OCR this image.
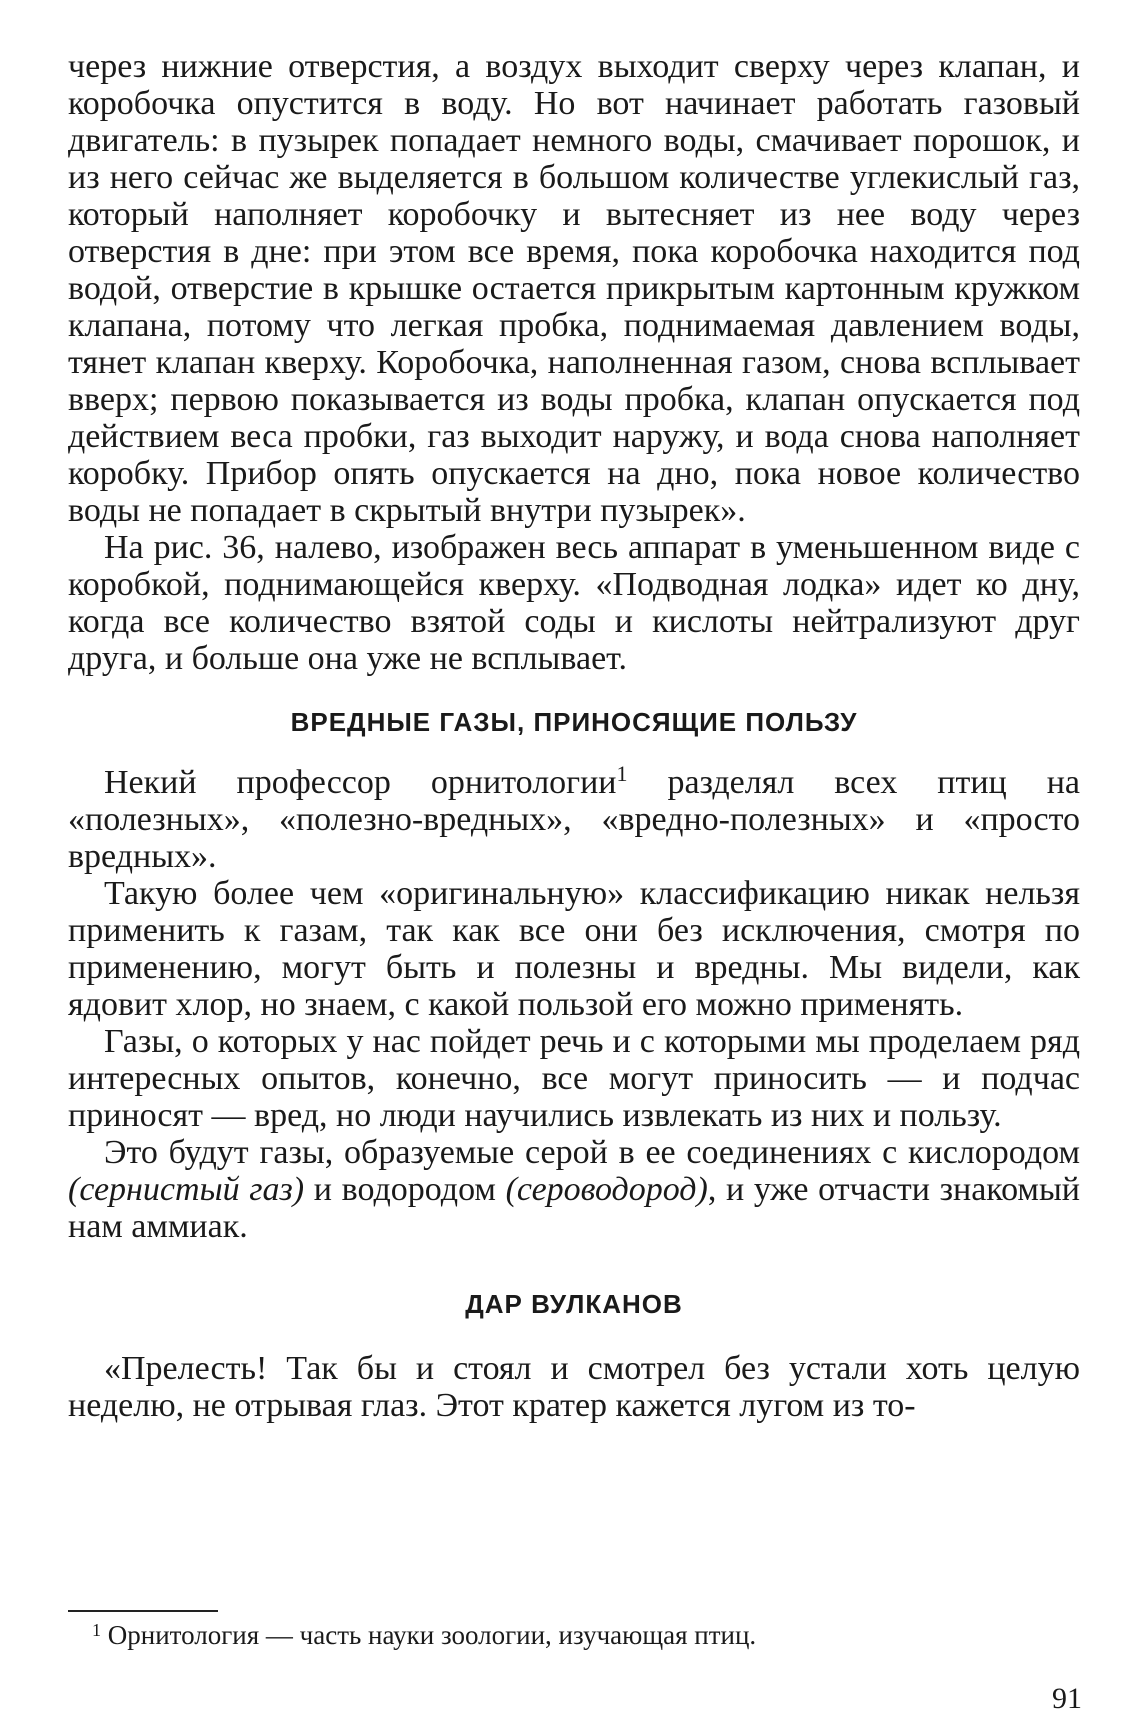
через нижние отверстия, а воздух выходит сверху через клапан, и коробочка опустится в воду. Но вот начинает работать газовый двигатель: в пузырек попадает немного воды, смачивает порошок, и из него сейчас же выделяется в большом количестве углекислый газ, который наполняет коробочку и вытесняет из нее воду через отверстия в дне: при этом все время, пока коробочка находится под водой, отверстие в крышке остается прикрытым картонным кружком клапана, потому что легкая пробка, поднимаемая давлением воды, тянет клапан кверху. Коробочка, наполненная газом, снова всплывает вверх; первою показывается из воды пробка, клапан опускается под действием веса пробки, газ выходит наружу, и вода снова наполняет коробку. Прибор опять опускается на дно, пока новое количество воды не попадает в скрытый внутри пузырек».

На рис. 36, налево, изображен весь аппарат в уменьшенном виде с коробкой, поднимающейся кверху. «Подводная лодка» идет ко дну, когда все количество взятой соды и кислоты нейтрализуют друг друга, и больше она уже не всплывает.

ВРЕДНЫЕ ГАЗЫ, ПРИНОСЯЩИЕ ПОЛЬЗУ

Некий профессор орнитологии$^1$ разделял всех птиц на «полезных», «полезно-вредных», «вредно-полезных» и «просто вредных».

Такую более чем «оригинальную» классификацию никак нельзя применить к газам, так как все они без исключения, смотря по применению, могут быть и полезны и вредны. Мы видели, как ядовит хлор, но знаем, с какой пользой его можно применять.

Газы, о которых у нас пойдет речь и с которыми мы проделаем ряд интересных опытов, конечно, все могут приносить — и подчас приносят — вред, но люди научились извлекать из них и пользу.

Это будут газы, образуемые серой в ее соединениях с кислородом (сернистый газ) и водородом (сероводород), и уже отчасти знакомый нам аммиак.

ДАР ВУЛКАНОВ

«Прелесть! Так бы и стоял и смотрел без устали хоть целую неделю, не отрывая глаз. Этот кратер кажется лугом из то-

$^1$ Орнитология — часть науки зоологии, изучающая птиц.
91
